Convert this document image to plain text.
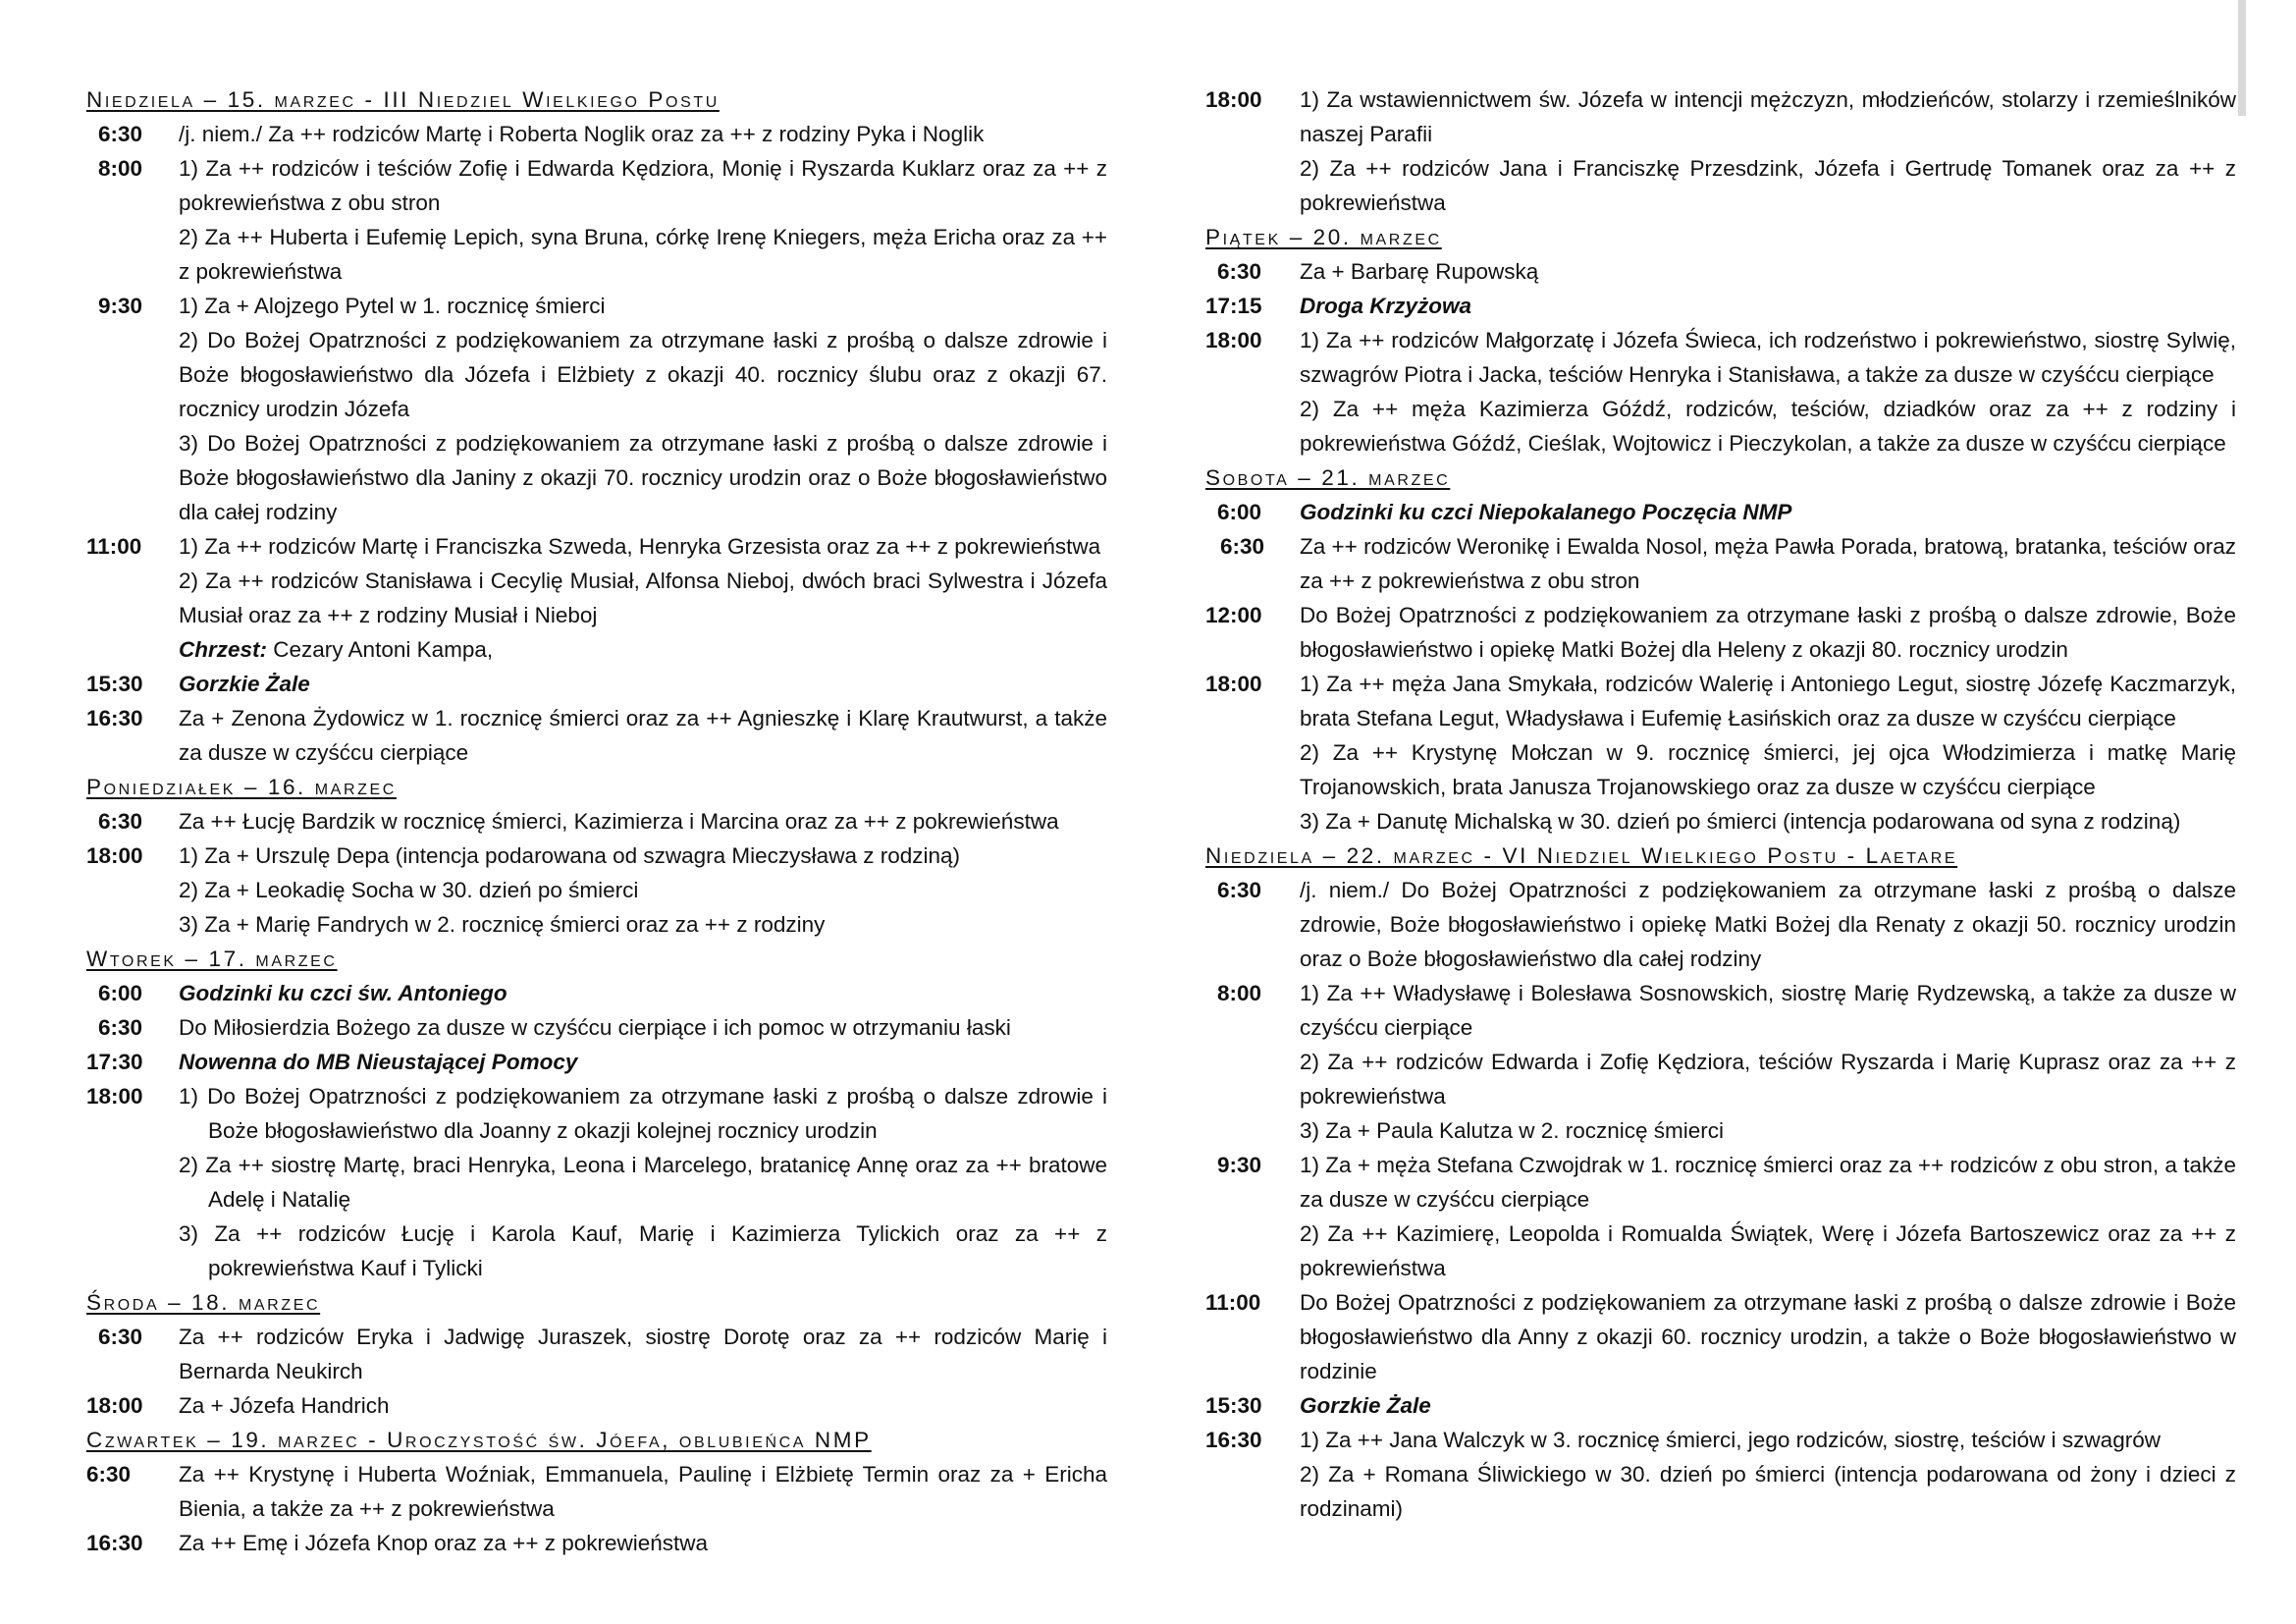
Niedziela – 15. marzec - III Niedziel Wielkiego Postu
6:30	/j. niem./ Za ++ rodziców Martę i Roberta Noglik oraz za ++ z rodziny Pyka i Noglik
8:00	1) Za ++ rodziców i teściów Zofię i Edwarda Kędziora, Monię i Ryszarda Kuklarz oraz za ++ z pokrewieństwa z obu stron
2) Za ++ Huberta i Eufemię Lepich, syna Bruna, córkę Irenę Kniegers, męża Ericha oraz za ++ z pokrewieństwa
9:30	1) Za + Alojzego Pytel w 1. rocznicę śmierci
2) Do Bożej Opatrzności z podziękowaniem za otrzymane łaski z prośbą o dalsze zdrowie i Boże błogosławieństwo dla Józefa i Elżbiety z okazji 40. rocznicy ślubu oraz z okazji 67. rocznicy urodzin Józefa
3) Do Bożej Opatrzności z podziękowaniem za otrzymane łaski z prośbą o dalsze zdrowie i Boże błogosławieństwo dla Janiny z okazji 70. rocznicy urodzin oraz o Boże błogosławieństwo dla całej rodziny
11:00	1) Za ++ rodziców Martę i Franciszka Szweda, Henryka Grzesista oraz za ++ z pokrewieństwa
2) Za ++ rodziców Stanisława i Cecylię Musiał, Alfonsa Nieboj, dwóch braci Sylwestra i Józefa Musiał oraz za ++ z rodziny Musiał i Nieboj
Chrzest: Cezary Antoni Kampa,
15:30	Gorzkie Żale
16:30	Za + Zenona Żydowicz w 1. rocznicę śmierci oraz za ++ Agnieszkę i Klarę Krautwurst, a także za dusze w czyśćcu cierpiące
Poniedziałek – 16. marzec
6:30	Za ++ Łucję Bardzik w rocznicę śmierci, Kazimierza i Marcina oraz za ++ z pokrewieństwa
18:00	1) Za + Urszulę Depa (intencja podarowana od szwagra Mieczysława z rodziną)
2) Za + Leokadię Socha w 30. dzień po śmierci
3) Za + Marię Fandrych w 2. rocznicę śmierci oraz za ++ z rodziny
Wtorek – 17. marzec
6:00	Godzinki ku czci św. Antoniego
6:30	Do Miłosierdzia Bożego za dusze w czyśćcu cierpiące i ich pomoc w otrzymaniu łaski
17:30	Nowenna do MB Nieustającej Pomocy
18:00	1) Do Bożej Opatrzności z podziękowaniem za otrzymane łaski z prośbą o dalsze zdrowie i Boże błogosławieństwo dla Joanny z okazji kolejnej rocznicy urodzin
2) Za ++ siostrę Martę, braci Henryka, Leona i Marcelego, bratanicę Annę oraz za ++ bratowe Adelę i Natalię
3) Za ++ rodziców Łucję i Karola Kauf, Marię i Kazimierza Tylickich oraz za ++ z pokrewieństwa Kauf i Tylicki
Środa – 18. marzec
6:30	Za ++ rodziców Eryka i Jadwigę Juraszek, siostrę Dorotę oraz za ++ rodziców Marię i Bernarda Neukirch
18:00	Za + Józefa Handrich
Czwartek – 19. marzec - Uroczystość św. Jóefa, oblubieńca NMP
6:30	Za ++ Krystynę i Huberta Woźniak, Emmanuela, Paulinę i Elżbietę Termin oraz za + Ericha Bienia, a także za ++ z pokrewieństwa
16:30	Za ++ Emę i Józefa Knop oraz za ++ z pokrewieństwa
18:00	1) Za wstawiennictwem św. Józefa w intencji mężczyzn, młodzieńców, stolarzy i rzemieślników naszej Parafii
2) Za ++ rodziców Jana i Franciszkę Przesdzink, Józefa i Gertrudę Tomanek oraz za ++ z pokrewieństwa
Piątek – 20. marzec
6:30	Za + Barbarę Rupowską
17:15	Droga Krzyżowa
18:00	1) Za ++ rodziców Małgorzatę i Józefa Świeca, ich rodzeństwo i pokrewieństwo, siostrę Sylwię, szwagrów Piotra i Jacka, teściów Henryka i Stanisława, a także za dusze w czyśćcu cierpiące
2) Za ++ męża Kazimierza Góźdź, rodziców, teściów, dziadków oraz za ++ z rodziny i pokrewieństwa Góźdź, Cieślak, Wojtowicz i Pieczykolan, a także za dusze w czyśćcu cierpiące
Sobota – 21. marzec
6:00	Godzinki ku czci Niepokalanego Poczęcia NMP
6:30	Za ++ rodziców Weronikę i Ewalda Nosol, męża Pawła Porada, bratową, bratanka, teściów oraz za ++ z pokrewieństwa z obu stron
12:00	Do Bożej Opatrzności z podziękowaniem za otrzymane łaski z prośbą o dalsze zdrowie, Boże błogosławieństwo i opiekę Matki Bożej dla Heleny z okazji 80. rocznicy urodzin
18:00	1) Za ++ męża Jana Smykała, rodziców Walerię i Antoniego Legut, siostrę Józefę Kaczmarzyk, brata Stefana Legut, Władysława i Eufemię Łasińskich oraz za dusze w czyśćcu cierpiące
2) Za ++ Krystynę Mołczan w 9. rocznicę śmierci, jej ojca Włodzimierza i matkę Marię Trojanowskich, brata Janusza Trojanowskiego oraz za dusze w czyśćcu cierpiące
3) Za + Danutę Michalską w 30. dzień po śmierci (intencja podarowana od syna z rodziną)
Niedziela – 22. marzec - VI Niedziel Wielkiego Postu - Laetare
6:30	/j. niem./ Do Bożej Opatrzności z podziękowaniem za otrzymane łaski z prośbą o dalsze zdrowie, Boże błogosławieństwo i opiekę Matki Bożej dla Renaty z okazji 50. rocznicy urodzin oraz o Boże błogosławieństwo dla całej rodziny
8:00	1) Za ++ Władysławę i Bolesława Sosnowskich, siostrę Marię Rydzewską, a także za dusze w czyśćcu cierpiące
2) Za ++ rodziców Edwarda i Zofię Kędziora, teściów Ryszarda i Marię Kuprasz oraz za ++ z pokrewieństwa
3) Za + Paula Kalutza w 2. rocznicę śmierci
9:30	1) Za + męża Stefana Czwojdrak w 1. rocznicę śmierci oraz za ++ rodziców z obu stron, a także za dusze w czyśćcu cierpiące
2) Za ++ Kazimierę, Leopolda i Romualda Świątek, Werę i Józefa Bartoszewicz oraz za ++ z pokrewieństwa
11:00	Do Bożej Opatrzności z podziękowaniem za otrzymane łaski z prośbą o dalsze zdrowie i Boże błogosławieństwo dla Anny z okazji 60. rocznicy urodzin, a także o Boże błogosławieństwo w rodzinie
15:30	Gorzkie Żale
16:30	1) Za ++ Jana Walczyk w 3. rocznicę śmierci, jego rodziców, siostrę, teściów i szwagrów
2) Za + Romana Śliwickiego w 30. dzień po śmierci (intencja podarowana od żony i dzieci z rodzinami)
